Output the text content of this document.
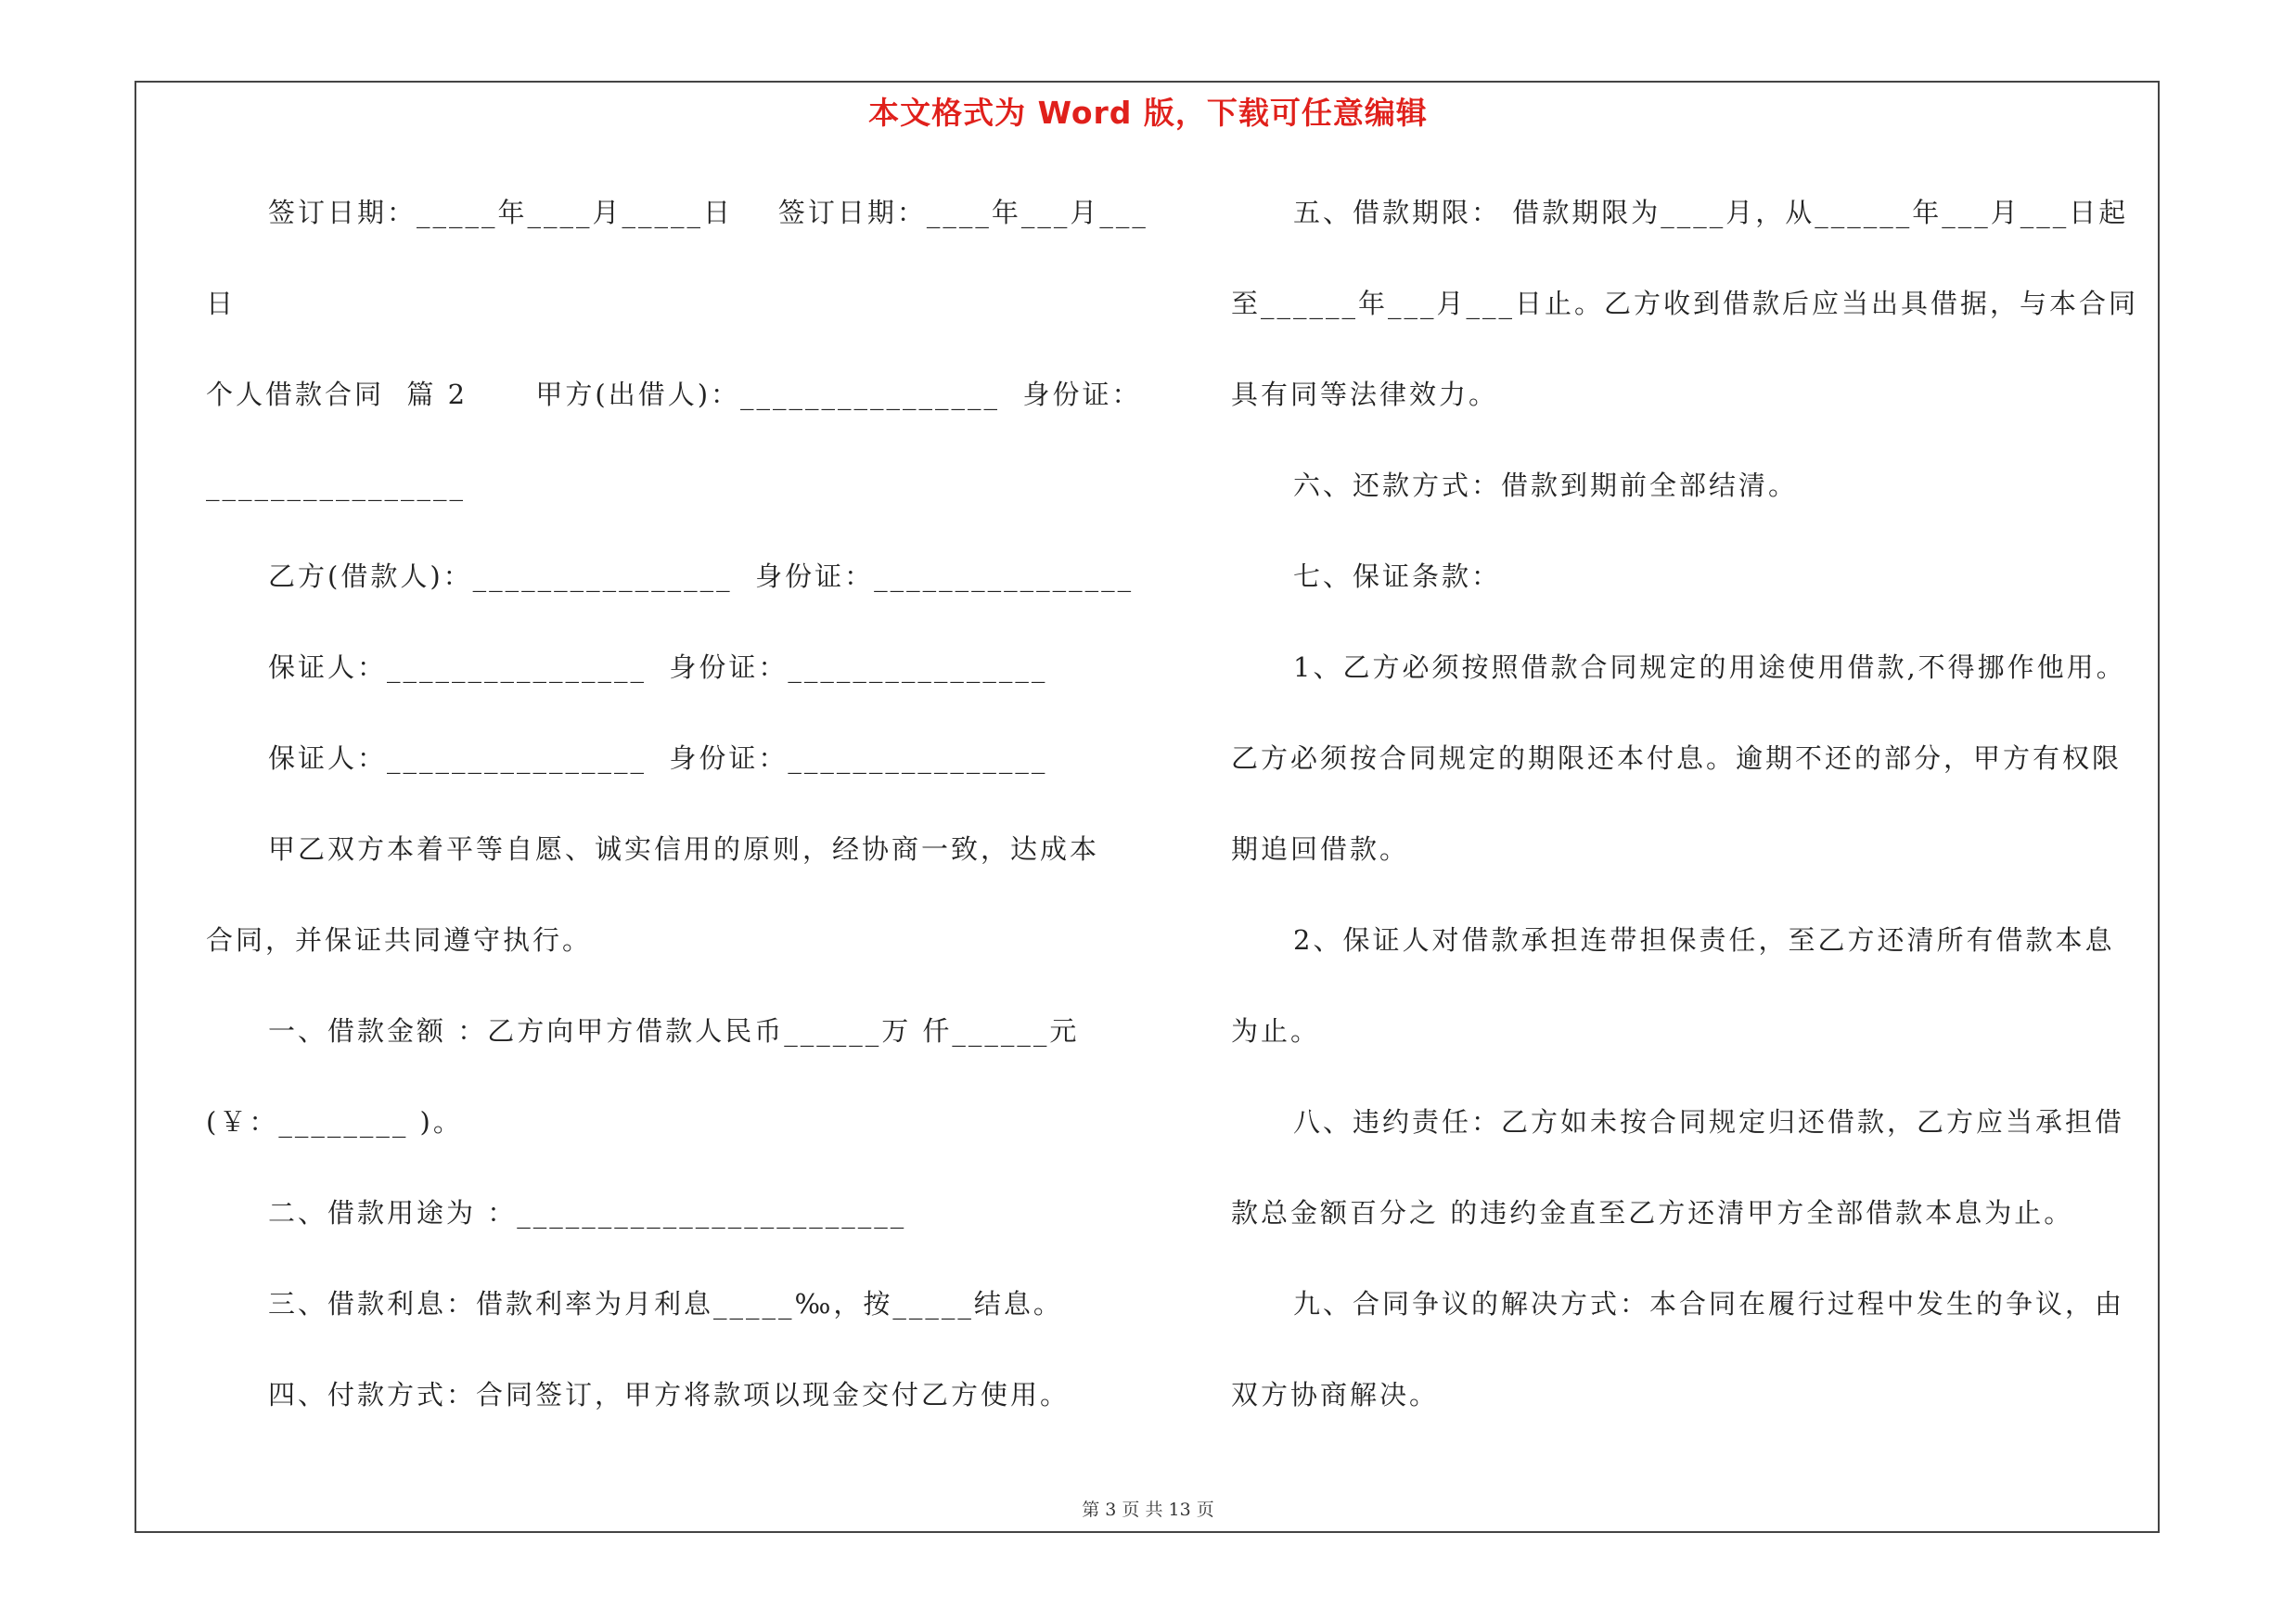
本文格式为 Word 版，下载可任意编辑
签订日期：_____年____月_____日    签订日期：____年___月___
日
个人借款合同  篇 2      甲方(出借人)：________________  身份证：
________________
乙方(借款人)：________________  身份证：________________
保证人：________________  身份证：________________
保证人：________________  身份证：________________
甲乙双方本着平等自愿、诚实信用的原则，经协商一致，达成本
合同，并保证共同遵守执行。
一、借款金额 ：乙方向甲方借款人民币______万 仟______元
(￥：________ )。
二、借款用途为 ：________________________
三、借款利息：借款利率为月利息_____‰，按_____结息。
四、付款方式：合同签订，甲方将款项以现金交付乙方使用。
五、借款期限： 借款期限为____月，从______年___月___日起
至______年___月___日止。乙方收到借款后应当出具借据，与本合同
具有同等法律效力。
六、还款方式：借款到期前全部结清。
七、保证条款：
1、乙方必须按照借款合同规定的用途使用借款,不得挪作他用。
乙方必须按合同规定的期限还本付息。逾期不还的部分，甲方有权限
期追回借款。
2、保证人对借款承担连带担保责任，至乙方还清所有借款本息
为止。
八、违约责任：乙方如未按合同规定归还借款，乙方应当承担借
款总金额百分之 的违约金直至乙方还清甲方全部借款本息为止。
九、合同争议的解决方式：本合同在履行过程中发生的争议，由
双方协商解决。
第 3 页 共 13 页
